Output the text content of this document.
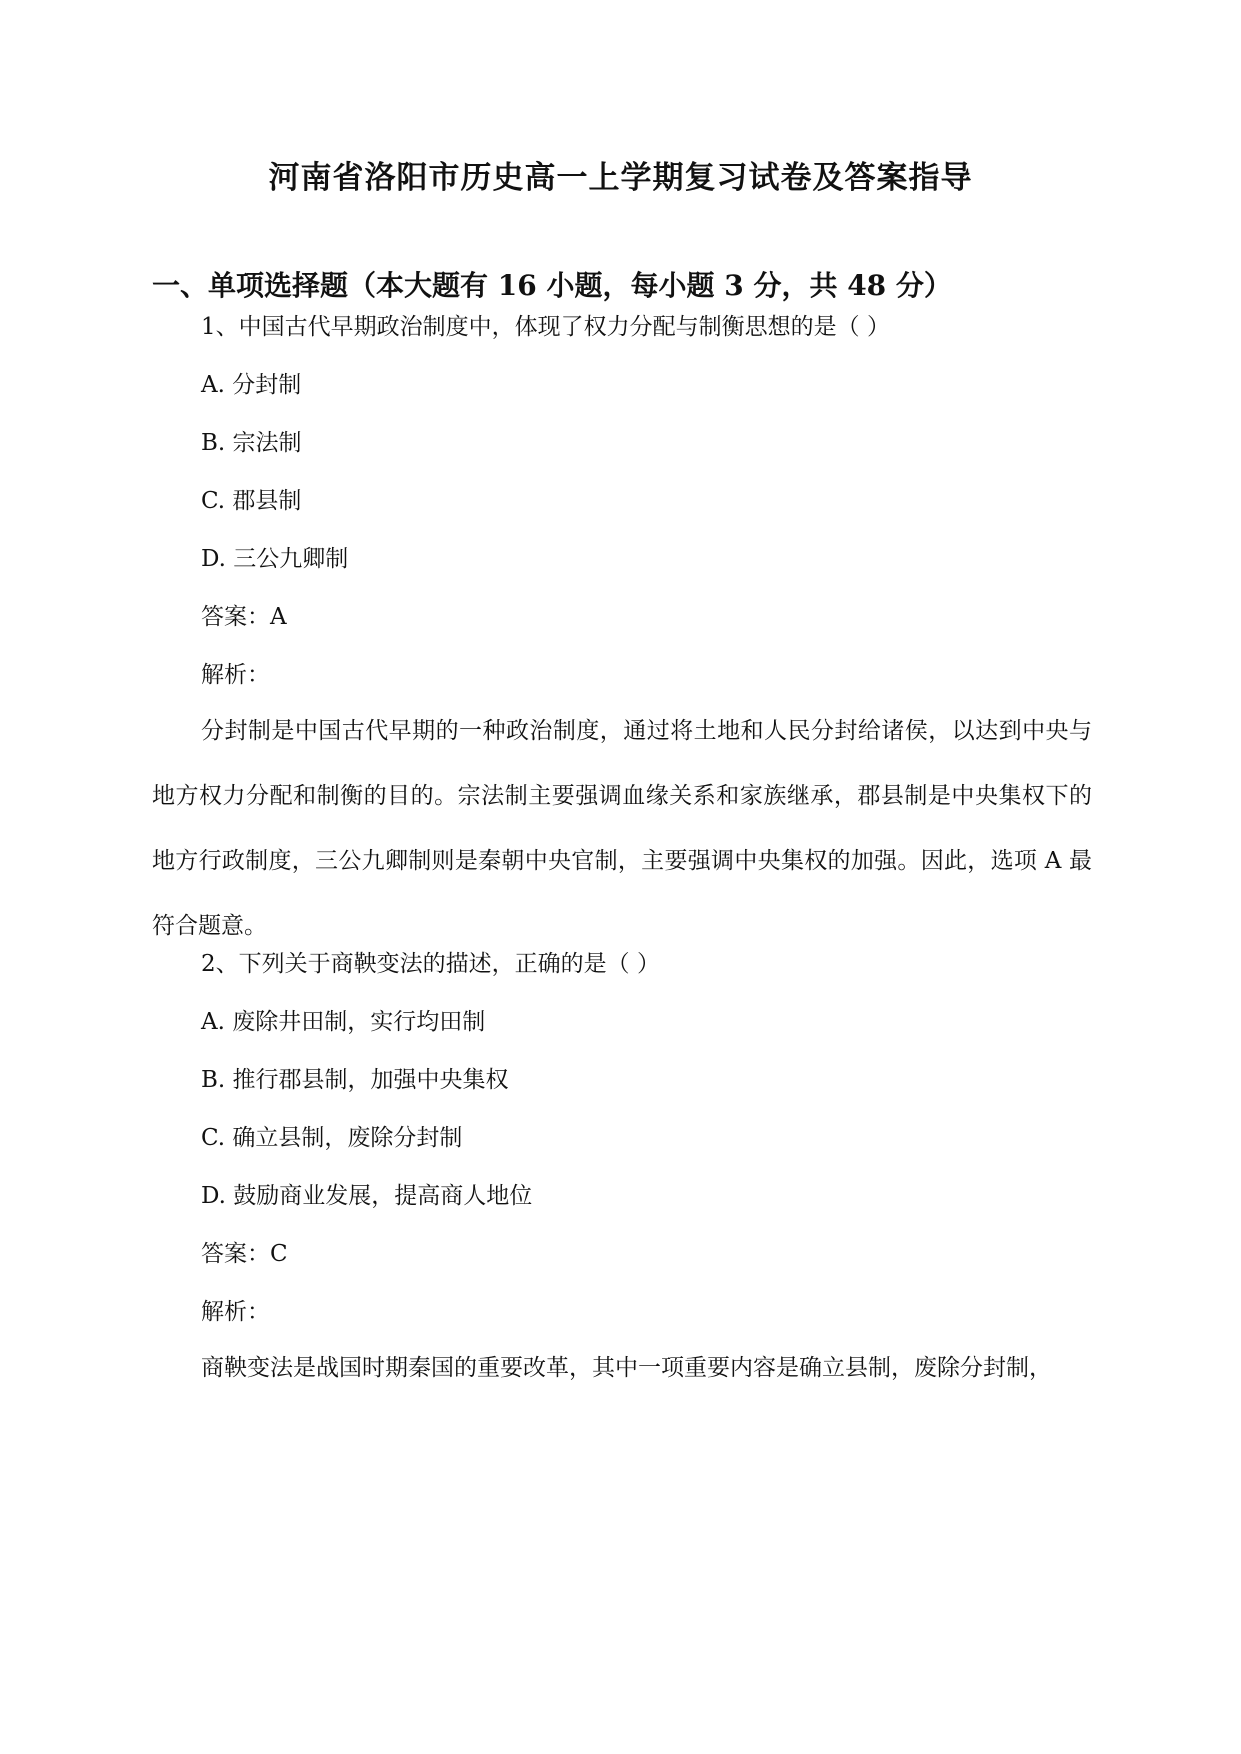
河南省洛阳市历史高一上学期复习试卷及答案指导
一、单项选择题（本大题有 16 小题，每小题 3 分，共 48 分）
1、中国古代早期政治制度中，体现了权力分配与制衡思想的是（ ）
A. 分封制
B. 宗法制
C. 郡县制
D. 三公九卿制
答案：A
解析：
分封制是中国古代早期的一种政治制度，通过将土地和人民分封给诸侯，以达到中央与地方权力分配和制衡的目的。宗法制主要强调血缘关系和家族继承，郡县制是中央集权下的地方行政制度，三公九卿制则是秦朝中央官制，主要强调中央集权的加强。因此，选项 A 最符合题意。
2、下列关于商鞅变法的描述，正确的是（ ）
A. 废除井田制，实行均田制
B. 推行郡县制，加强中央集权
C. 确立县制，废除分封制
D. 鼓励商业发展，提高商人地位
答案：C
解析：
商鞅变法是战国时期秦国的重要改革，其中一项重要内容是确立县制，废除分封制，
